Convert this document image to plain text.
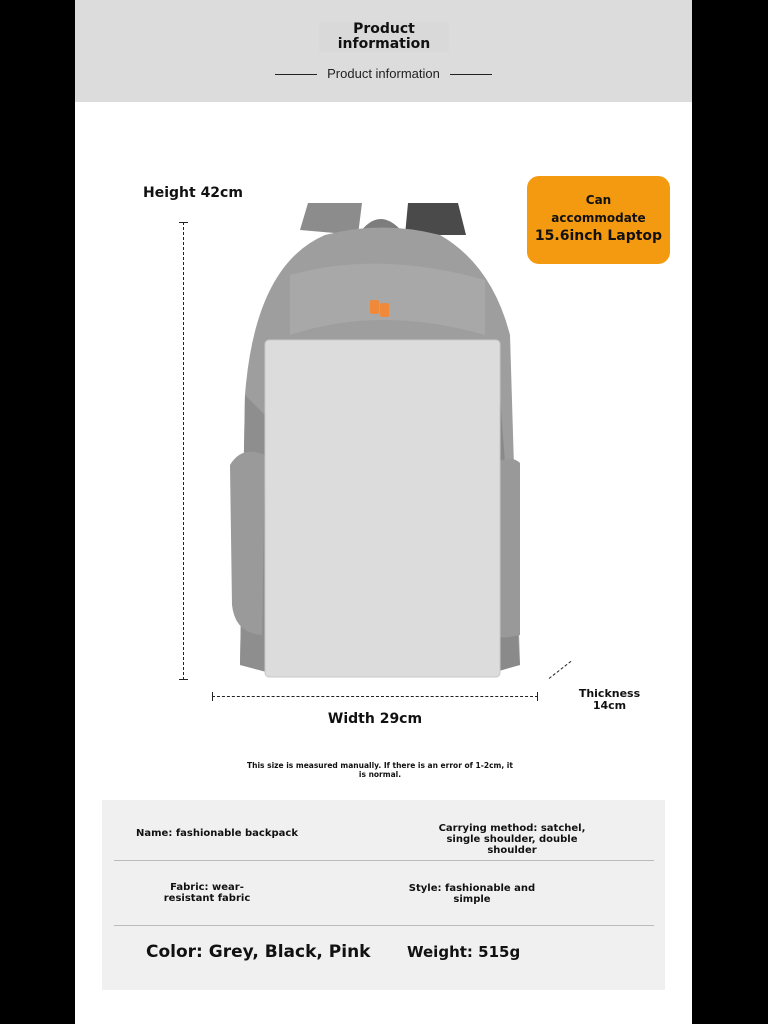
Product information
Product information
Height 42cm	Can
accommodate
15.6inch Laptop
Width 29cm
Thickness 14cm
This size is measured manually. If there is an error of 1-2cm, it is normal.
Name: fashionable backpack	Carrying method: satchel, single shoulder, double shoulder
Fabric: wear-resistant fabric
Style: fashionable and simple
Color: Grey, Black, Pink Weight: 515g
